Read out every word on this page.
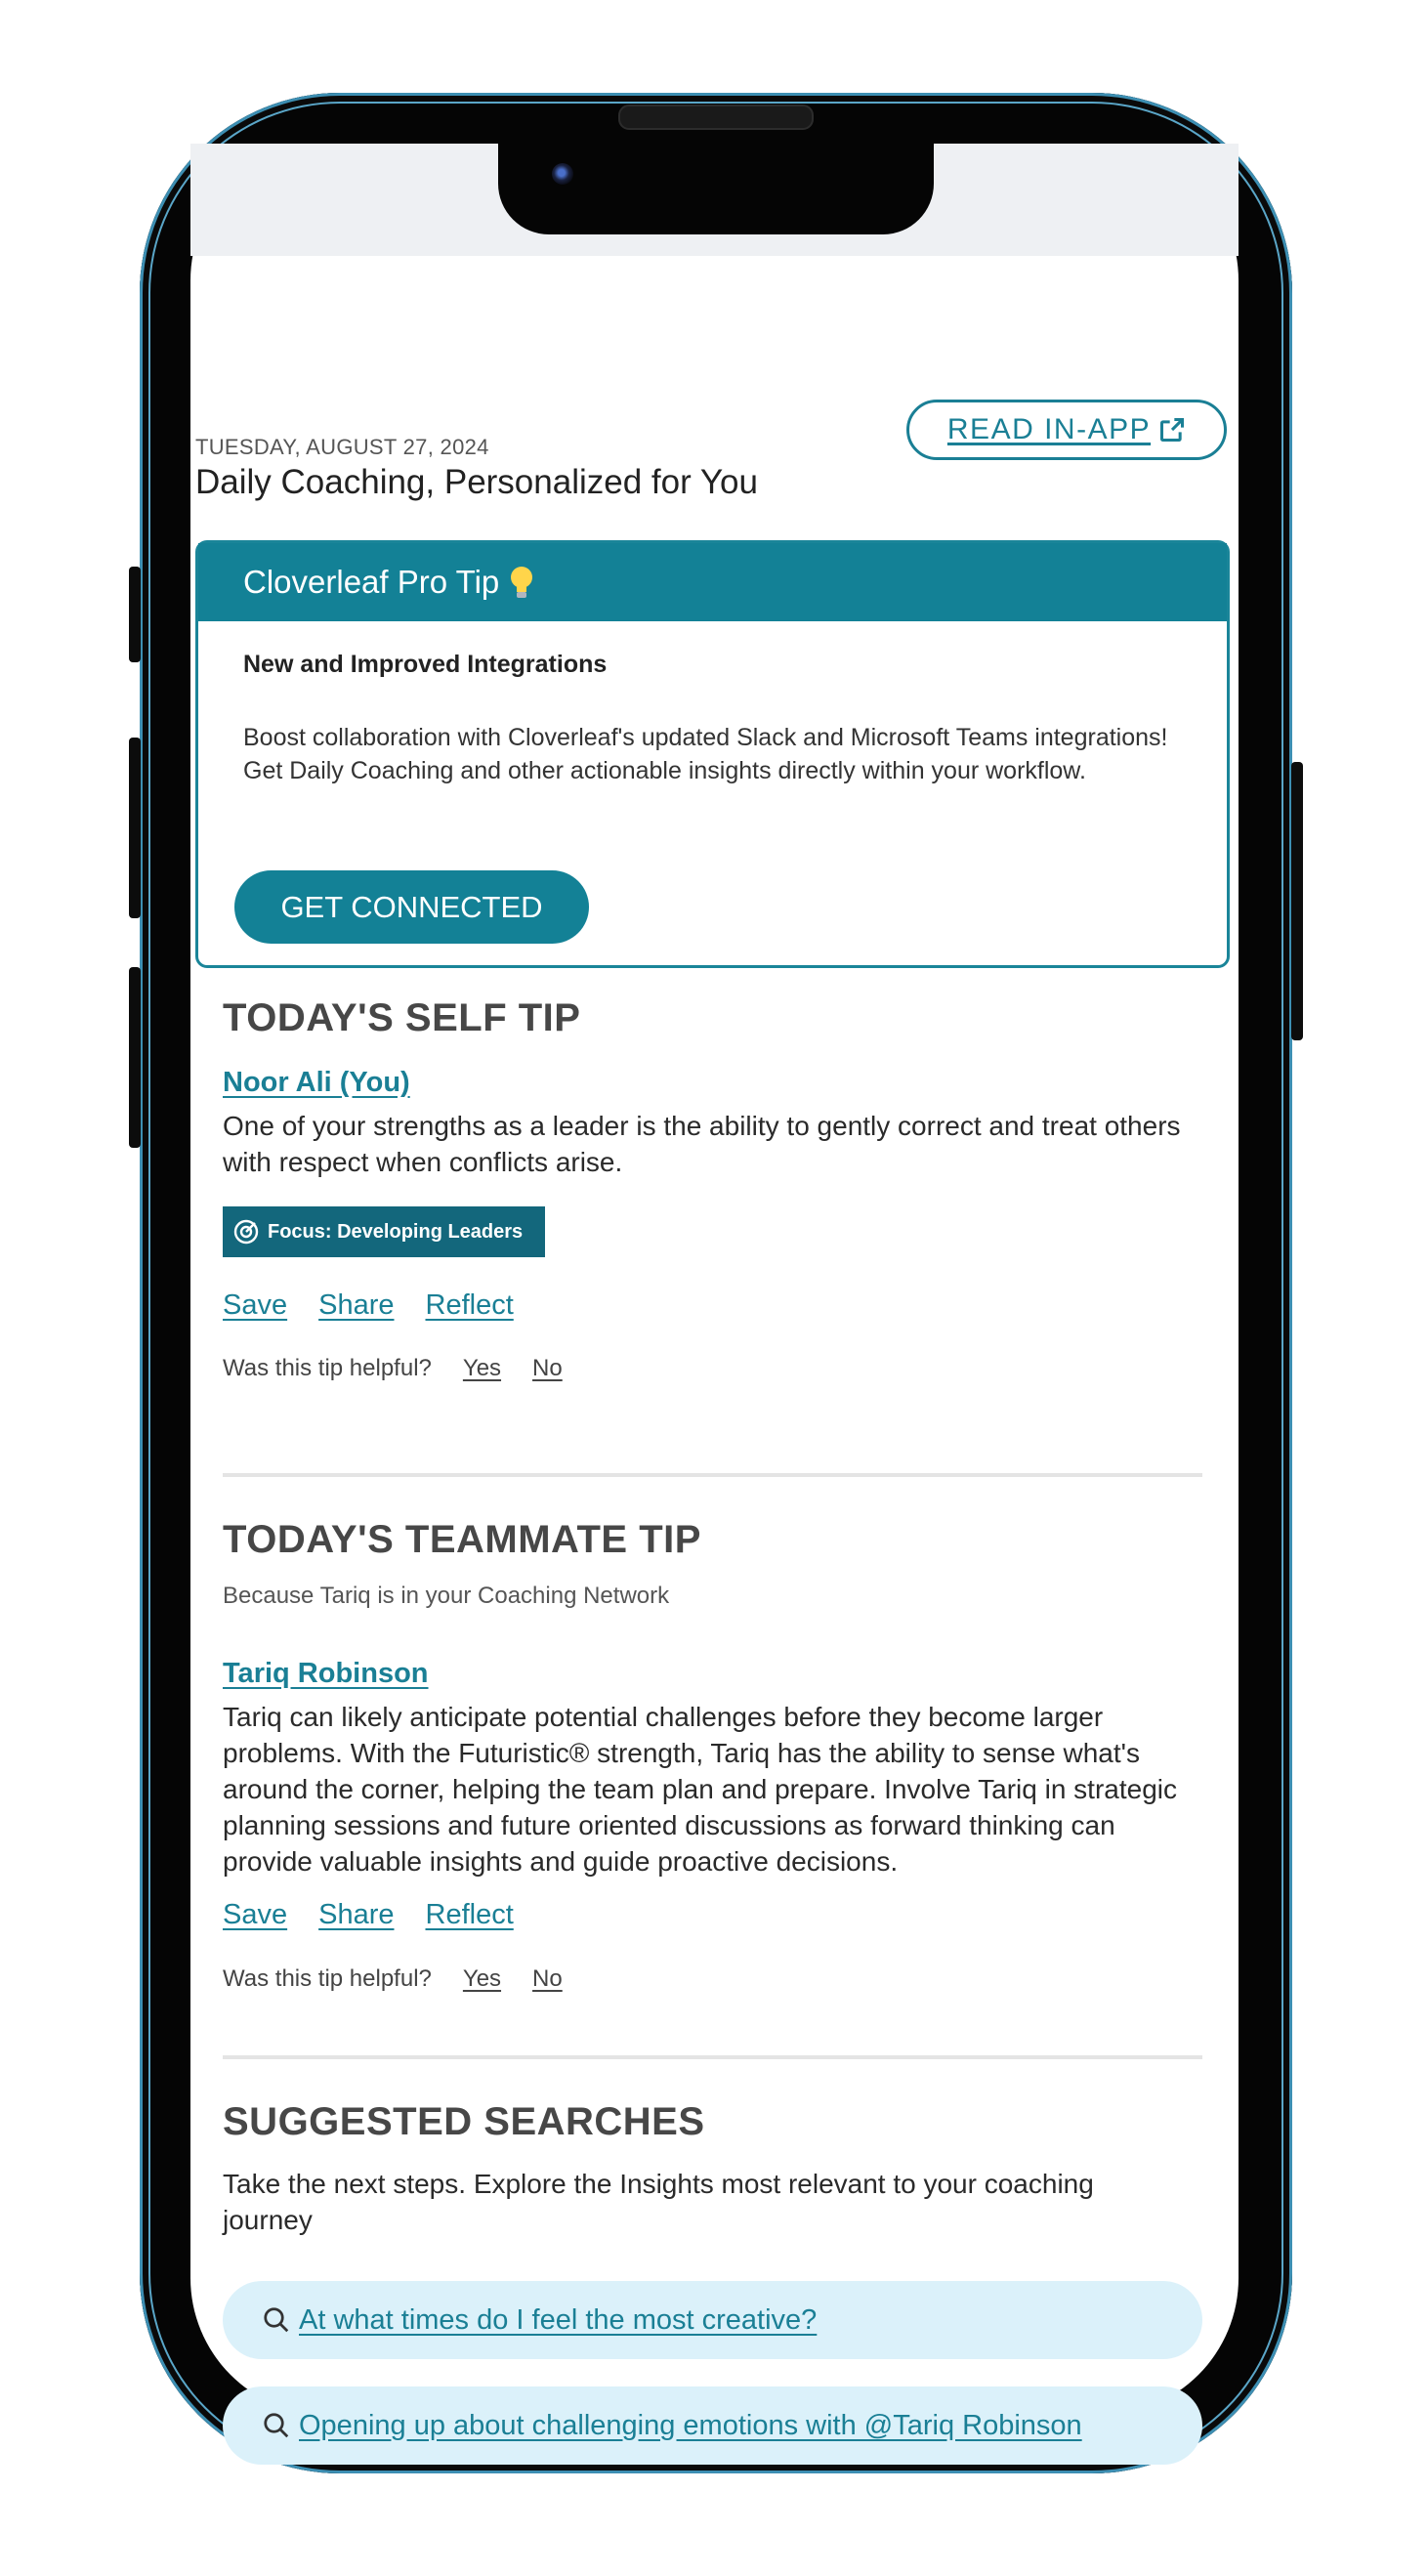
TUESDAY, AUGUST 27, 2024
Daily Coaching, Personalized for You
READ IN-APP
Cloverleaf Pro Tip
New and Improved Integrations
Boost collaboration with Cloverleaf's updated Slack and Microsoft Teams integrations! Get Daily Coaching and other actionable insights directly within your workflow.
GET CONNECTED
TODAY'S SELF TIP
Noor Ali (You)
One of your strengths as a leader is the ability to gently correct and treat others with respect when conflicts arise.
Focus: Developing Leaders
Save Share Reflect
Was this tip helpful? Yes No
TODAY'S TEAMMATE TIP
Because Tariq is in your Coaching Network
Tariq Robinson
Tariq can likely anticipate potential challenges before they become larger problems. With the Futuristic® strength, Tariq has the ability to sense what's around the corner, helping the team plan and prepare. Involve Tariq in strategic planning sessions and future oriented discussions as forward thinking can provide valuable insights and guide proactive decisions.
Save Share Reflect
Was this tip helpful? Yes No
SUGGESTED SEARCHES
Take the next steps. Explore the Insights most relevant to your coaching journey
At what times do I feel the most creative?
Opening up about challenging emotions with @Tariq Robinson
